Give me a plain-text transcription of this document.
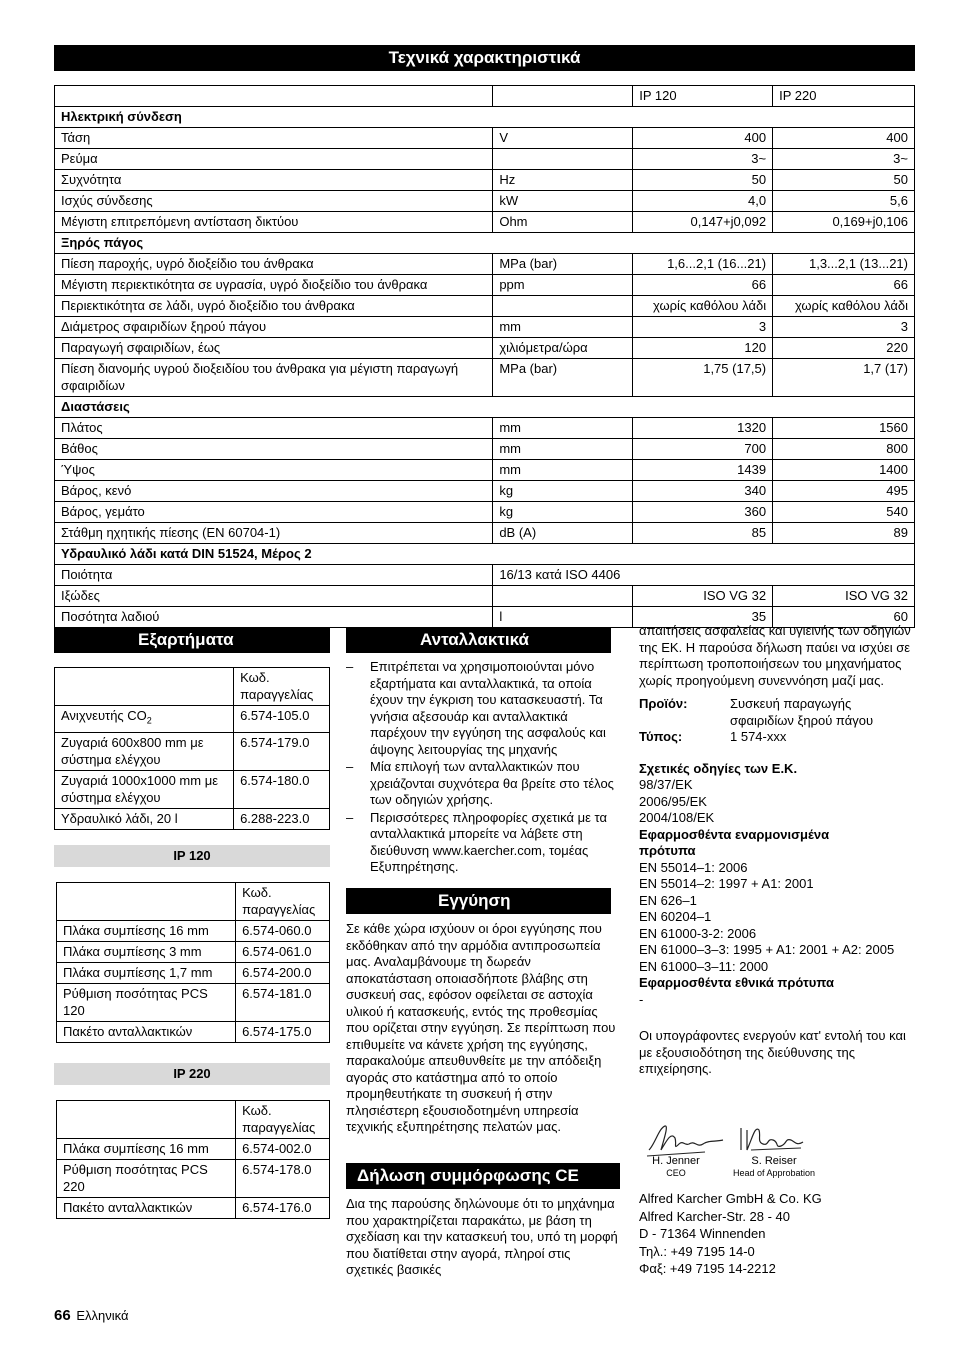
Τεχνικά χαρακτηριστικά
		IP 120	IP 220
Ηλεκτρική σύνδεση			
Τάση	V	400	400
Ρεύμα		3~	3~
Συχνότητα	Hz	50	50
Ισχύς σύνδεσης	kW	4,0	5,6
Μέγιστη επιτρεπόμενη αντίσταση δικτύου	Ohm	0,147+j0,092	0,169+j0,106
Ξηρός πάγος			
Πίεση παροχής, υγρό διοξείδιο του άνθρακα	MPa (bar)	1,6...2,1 (16...21)	1,3...2,1 (13...21)
Μέγιστη περιεκτικότητα σε υγρασία, υγρό διοξείδιο του άνθρακα	ppm	66	66
Περιεκτικότητα σε λάδι, υγρό διοξείδιο του άνθρακα		χωρίς καθόλου λάδι	χωρίς καθόλου λάδι
Διάμετρος σφαιριδίων ξηρού πάγου	mm	3	3
Παραγωγή σφαιριδίων, έως	χιλιόμετρα/ώρα	120	220
Πίεση διανομής υγρού διοξειδίου του άνθρακα για μέγιστη παραγωγή σφαιριδίων	MPa (bar)	1,75 (17,5)	1,7 (17)
Διαστάσεις			
Πλάτος	mm	1320	1560
Βάθος	mm	700	800
Ύψος	mm	1439	1400
Βάρος, κενό	kg	340	495
Βάρος, γεμάτο	kg	360	540
Στάθμη ηχητικής πίεσης (EN 60704-1)	dB (A)	85	89
Υδραυλικό λάδι κατά DIN 51524, Μέρος 2			
Ποιότητα	16/13 κατά ISO 4406		
Ιξώδες		ISO VG 32	ISO VG 32
Ποσότητα λαδιού	l	35	60
Εξαρτήματα
	Κωδ. παραγγελίας
Ανιχνευτής $CO_2$	6.574-105.0
Ζυγαριά 600x800 mm με σύστημα ελέγχου	6.574-179.0
Ζυγαριά 1000x1000 mm με σύστημα ελέγχου	6.574-180.0
Υδραυλικό λάδι, 20 l	6.288-223.0
IP 120
	Κωδ. παραγγελίας
Πλάκα συμπίεσης 16 mm	6.574-060.0
Πλάκα συμπίεσης 3 mm	6.574-061.0
Πλάκα συμπίεσης 1,7 mm	6.574-200.0
Ρύθμιση ποσότητας PCS 120	6.574-181.0
Πακέτο ανταλλακτικών	6.574-175.0
IP 220
	Κωδ. παραγγελίας
Πλάκα συμπίεσης 16 mm	6.574-002.0
Ρύθμιση ποσότητας PCS 220	6.574-178.0
Πακέτο ανταλλακτικών	6.574-176.0
Ανταλλακτικά
– Επιτρέπεται να χρησιμοποιούνται μόνο εξαρτήματα και ανταλλακτικά, τα οποία έχουν την έγκριση του κατασκευαστή. Τα γνήσια αξεσουάρ και ανταλλακτικά παρέχουν την εγγύηση της ασφαλούς και άψογης λειτουργίας της μηχανής
– Μία επιλογή των ανταλλακτικών που χρειάζονται συχνότερα θα βρείτε στο τέλος των οδηγιών χρήσης.
– Περισσότερες πληροφορίες σχετικά με τα ανταλλακτικά μπορείτε να λάβετε στη διεύθυνση www.kaercher.com, τομέας Εξυπηρέτησης.
Εγγύηση

Σε κάθε χώρα ισχύουν οι όροι εγγύησης που εκδόθηκαν από την αρμόδια αντιπροσωπεία μας. Αναλαμβάνουμε τη δωρεάν αποκατάσταση οποιασδήποτε βλάβης στη συσκευή σας, εφόσον οφείλεται σε αστοχία υλικού ή κατασκευής, εντός της προθεσμίας που ορίζεται στην εγγύηση. Σε περίπτωση που επιθυμείτε να κάνετε χρήση της εγγύησης, παρακαλούμε απευθυνθείτε με την απόδειξη αγοράς στο κατάστημα από το οποίο προμηθευτήκατε τη συσκευή ή στην πλησιέστερη εξουσιοδοτημένη υπηρεσία τεχνικής εξυπηρέτησης πελατών μας.

Δήλωση συμμόρφωσης CE

Δια της παρούσης δηλώνουμε ότι το μηχάνημα που χαρακτηρίζεται παρακάτω, με βάση τη σχεδίαση και την κατασκευή του, υπό τη μορφή που διατίθεται στην αγορά, πληροί στις σχετικές βασικές

απαιτήσεις ασφαλείας και υγιεινής των οδηγιών της ΕΚ. Η παρούσα δήλωση παύει να ισχύει σε περίπτωση τροποποιήσεων του μηχανήματος χωρίς προηγούμενη συνεννόηση μαζί μας.

Προϊόν:	Συσκευή παραγωγής σφαιριδίων ξηρού πάγου
Τύπος:	1 574-xxx

Σχετικές οδηγίες των Ε.Κ.

98/37/ΕΚ

2006/95/ΕΚ

2004/108/ΕΚ

Εφαρμοσθέντα εναρμονισμένα πρότυπα

EN 55014–1: 2006

EN 55014–2: 1997 + A1: 2001

EN 626–1

EN 60204–1

EN 61000-3-2: 2006

EN 61000–3–3: 1995 + A1: 2001 + A2: 2005

EN 61000–3–11: 2000

Εφαρμοσθέντα εθνικά πρότυπα

-

Οι υπογράφοντες ενεργούν κατ' εντολή του και με εξουσιοδότηση της διεύθυνσης της επιχείρησης.

H. Jenner
CEO
S. Reiser
Head of Approbation

Alfred Karcher GmbH & Co. KG

Alfred Karcher-Str. 28 - 40

D - 71364 Winnenden

Τηλ.: +49 7195 14-0

Φαξ: +49 7195 14-2212

66 Ελληνικά
